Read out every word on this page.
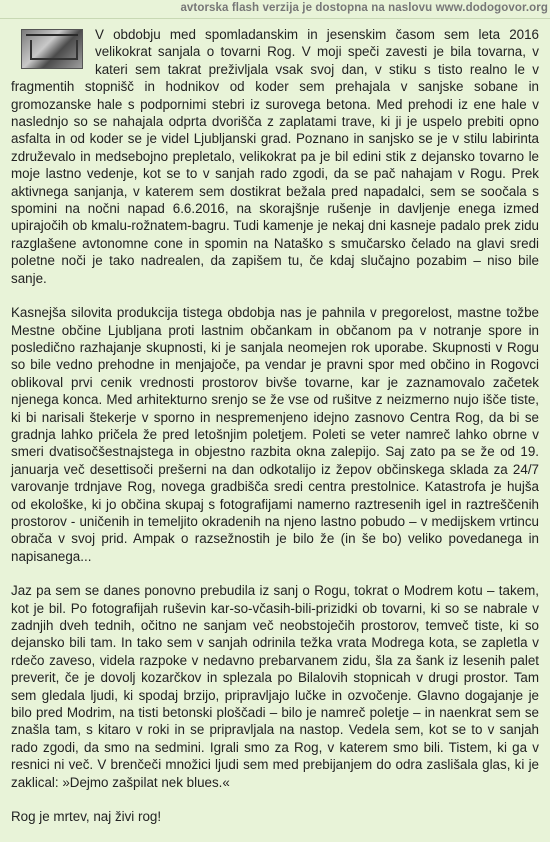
avtorska flash verzija je dostopna na naslovu www.dodogovor.org

V obdobju med spomladanskim in jesenskim časom sem leta 2016 velikokrat sanjala o tovarni Rog. V moji speči zavesti je bila tovarna, v kateri sem takrat preživljala vsak svoj dan, v stiku s tisto realno le v fragmentih stopnišč in hodnikov od koder sem prehajala v sanjske sobane in gromozanske hale s podpornimi stebri iz surovega betona. Med prehodi iz ene hale v naslednjo so se nahajala odprta dvorišča z zaplatami trave, ki ji je uspelo prebiti opno asfalta in od koder se je videl Ljubljanski grad. Poznano in sanjsko se je v stilu labirinta združevalo in medsebojno prepletalo, velikokrat pa je bil edini stik z dejansko tovarno le moje lastno vedenje, kot se to v sanjah rado zgodi, da se pač nahajam v Rogu. Prek aktivnega sanjanja, v katerem sem dostikrat bežala pred napadalci, sem se soočala s spomini na nočni napad 6.6.2016, na skorajšnje rušenje in davljenje enega izmed upirajočih ob kmalu-rožnatem-bagru. Tudi kamenje je nekaj dni kasneje padalo prek zidu razglašene avtonomne cone in spomin na Nataško s smučarsko čelado na glavi sredi poletne noči je tako nadrealen, da zapišem tu, če kdaj slučajno pozabim – niso bile sanje.

Kasnejša silovita produkcija tistega obdobja nas je pahnila v pregorelost, mastne tožbe Mestne občine Ljubljana proti lastnim občankam in občanom pa v notranje spore in posledično razhajanje skupnosti, ki je sanjala neomejen rok uporabe. Skupnosti v Rogu so bile vedno prehodne in menjajoče, pa vendar je pravni spor med občino in Rogovci oblikoval prvi cenik vrednosti prostorov bivše tovarne, kar je zaznamovalo začetek njenega konca. Med arhitekturno srenjo se že vse od rušitve z neizmerno nujo išče tiste, ki bi narisali štekerje v sporno in nespremenjeno idejno zasnovo Centra Rog, da bi se gradnja lahko pričela že pred letošnjim poletjem. Poleti se veter namreč lahko obrne v smeri dvatisočšestnajstega in objestno razbita okna zalepijo. Saj zato pa se že od 19. januarja več desettisoči prešerni na dan odkotalijo iz žepov občinskega sklada za 24/7 varovanje trdnjave Rog, novega gradbišča sredi centra prestolnice. Katastrofa je hujša od ekološke, ki jo občina skupaj s fotografijami namerno raztresenih igel in raztreščenih prostorov - uničenih in temeljito okradenih na njeno lastno pobudo – v medijskem vrtincu obrača v svoj prid. Ampak o razsežnostih je bilo že (in še bo) veliko povedanega in napisanega...

Jaz pa sem se danes ponovno prebudila iz sanj o Rogu, tokrat o Modrem kotu – takem, kot je bil. Po fotografijah ruševin kar-so-včasih-bili-prizidki ob tovarni, ki so se nabrale v zadnjih dveh tednih, očitno ne sanjam več neobstoječih prostorov, temveč tiste, ki so dejansko bili tam. In tako sem v sanjah odrinila težka vrata Modrega kota, se zapletla v rdečo zaveso, videla razpoke v nedavno prebarvanem zidu, šla za šank iz lesenih palet preverit, če je dovolj kozarčkov in splezala po Bilalovih stopnicah v drugi prostor. Tam sem gledala ljudi, ki spodaj brzijo, pripravljajo lučke in ozvočenje. Glavno dogajanje je bilo pred Modrim, na tisti betonski ploščadi – bilo je namreč poletje – in naenkrat sem se znašla tam, s kitaro v roki in se pripravljala na nastop. Vedela sem, kot se to v sanjah rado zgodi, da smo na sedmini. Igrali smo za Rog, v katerem smo bili. Tistem, ki ga v resnici ni več. V brenčeči množici ljudi sem med prebijanjem do odra zaslišala glas, ki je zaklical: »Dejmo zašpilat nek blues.«

Rog je mrtev, naj živi rog!
